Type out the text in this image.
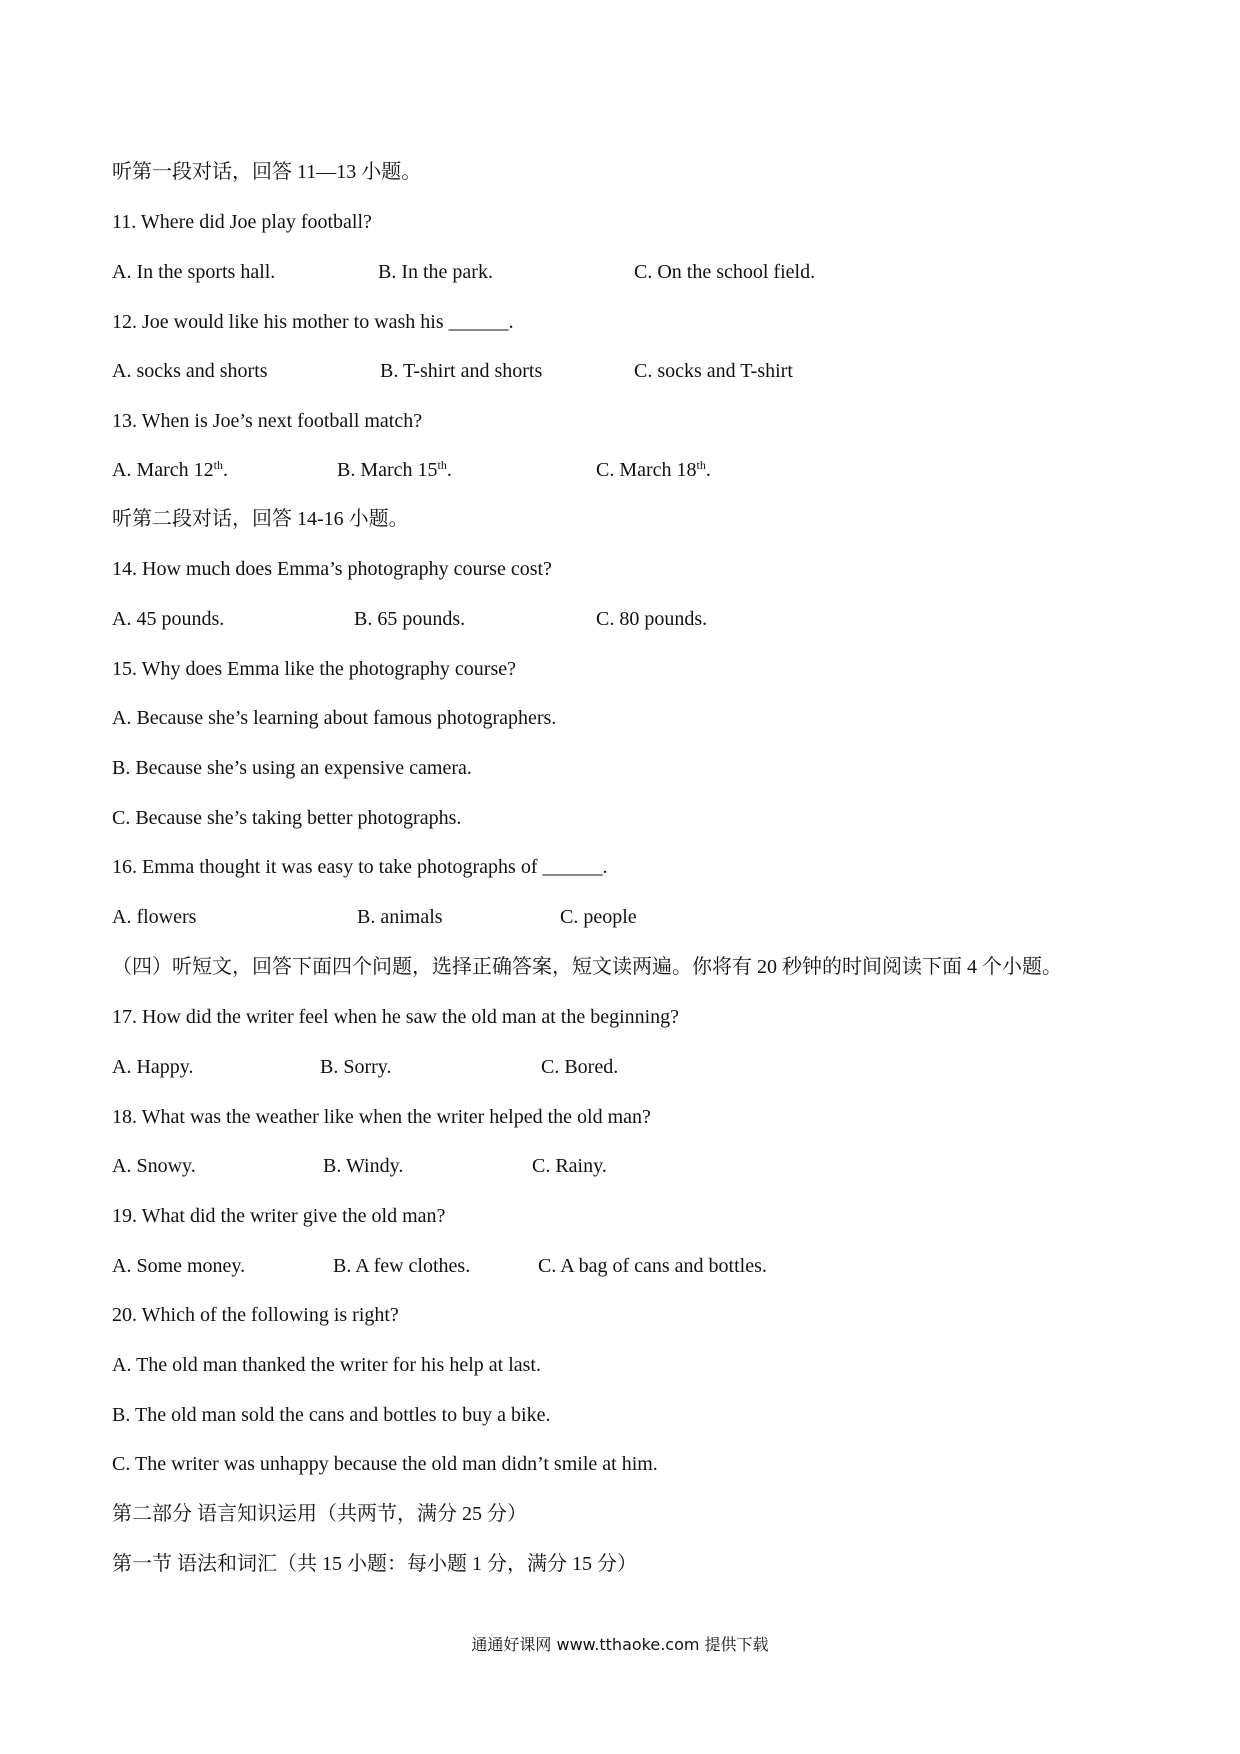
听第一段对话，回答 11—13 小题。
11. Where did Joe play football?
A. In the sports hall.	B. In the park.	C. On the school field.
12. Joe would like his mother to wash his ______.
A. socks and shorts	B. T-shirt and shorts	C. socks and T-shirt
13. When is Joe’s next football match?
A. March 12th.	B. March 15th.	C. March 18th.
听第二段对话，回答 14-16 小题。
14. How much does Emma’s photography course cost?
A. 45 pounds.	B. 65 pounds.	C. 80 pounds.
15. Why does Emma like the photography course?
A. Because she’s learning about famous photographers.
B. Because she’s using an expensive camera.
C. Because she’s taking better photographs.
16. Emma thought it was easy to take photographs of ______.
A. flowers	B. animals	C. people
（四）听短文，回答下面四个问题，选择正确答案，短文读两遍。你将有 20 秒钟的时间阅读下面 4 个小题。
17. How did the writer feel when he saw the old man at the beginning?
A. Happy.	B. Sorry.	C. Bored.
18. What was the weather like when the writer helped the old man?
A. Snowy.	B. Windy.	C. Rainy.
19. What did the writer give the old man?
A. Some money.	B. A few clothes.	C. A bag of cans and bottles.
20. Which of the following is right?
A. The old man thanked the writer for his help at last.
B. The old man sold the cans and bottles to buy a bike.
C. The writer was unhappy because the old man didn’t smile at him.
第二部分 语言知识运用（共两节，满分 25 分）
第一节 语法和词汇（共 15 小题：每小题 1 分，满分 15 分）
通通好课网 www.tthaoke.com 提供下载
